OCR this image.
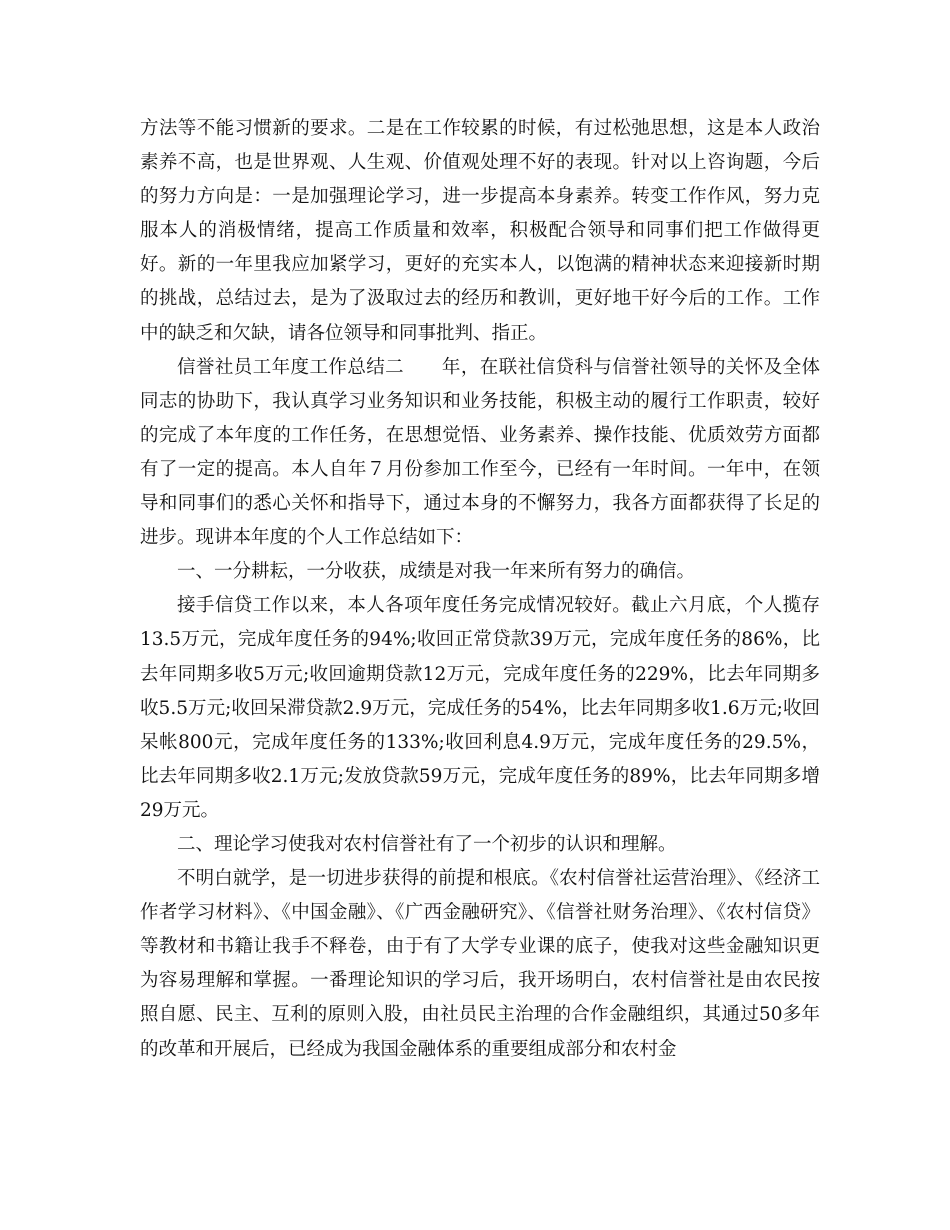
方法等不能习惯新的要求。二是在工作较累的时候，有过松弛思想，这是本人政治素养不高，也是世界观、人生观、价值观处理不好的表现。针对以上咨询题，今后的努力方向是：一是加强理论学习，进一步提高本身素养。转变工作作风，努力克服本人的消极情绪，提高工作质量和效率，积极配合领导和同事们把工作做得更好。新的一年里我应加紧学习，更好的充实本人，以饱满的精神状态来迎接新时期的挑战，总结过去，是为了汲取过去的经历和教训，更好地干好今后的工作。工作中的缺乏和欠缺，请各位领导和同事批判、指正。

信誉社员工年度工作总结二　　年，在联社信贷科与信誉社领导的关怀及全体同志的协助下，我认真学习业务知识和业务技能，积极主动的履行工作职责，较好的完成了本年度的工作任务，在思想觉悟、业务素养、操作技能、优质效劳方面都有了一定的提高。本人自年７月份参加工作至今，已经有一年时间。一年中，在领导和同事们的悉心关怀和指导下，通过本身的不懈努力，我各方面都获得了长足的进步。现讲本年度的个人工作总结如下：

一、一分耕耘，一分收获，成绩是对我一年来所有努力的确信。

接手信贷工作以来，本人各项年度任务完成情况较好。截止六月底，个人揽存13.5万元，完成年度任务的94%;收回正常贷款39万元，完成年度任务的86%，比去年同期多收5万元;收回逾期贷款12万元，完成年度任务的229%，比去年同期多收5.5万元;收回呆滞贷款2.9万元，完成任务的54%，比去年同期多收1.6万元;收回呆帐800元，完成年度任务的133%;收回利息4.9万元，完成年度任务的29.5%，比去年同期多收2.1万元;发放贷款59万元，完成年度任务的89%，比去年同期多增29万元。

二、理论学习使我对农村信誉社有了一个初步的认识和理解。

不明白就学，是一切进步获得的前提和根底。《农村信誉社运营治理》、《经济工作者学习材料》、《中国金融》、《广西金融研究》、《信誉社财务治理》、《农村信贷》等教材和书籍让我手不释卷，由于有了大学专业课的底子，使我对这些金融知识更为容易理解和掌握。一番理论知识的学习后，我开场明白，农村信誉社是由农民按照自愿、民主、互利的原则入股，由社员民主治理的合作金融组织，其通过50多年的改革和开展后，已经成为我国金融体系的重要组成部分和农村金
